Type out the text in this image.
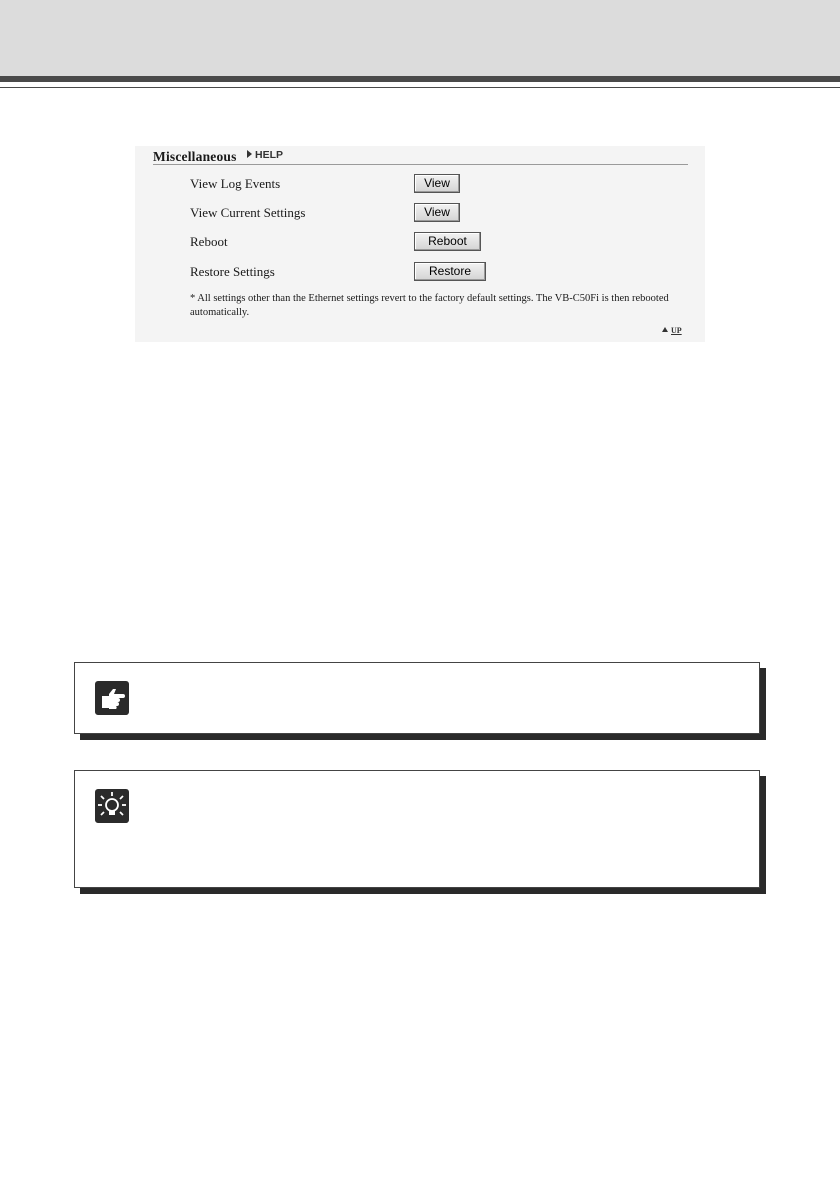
Miscellaneous	HELP
View Log Events	View
View Current Settings	View
Reboot	Reboot
Restore Settings	Restore
* All settings other than the Ethernet settings revert to the factory default settings. The VB-C50Fi is then rebooted automatically.
UP
